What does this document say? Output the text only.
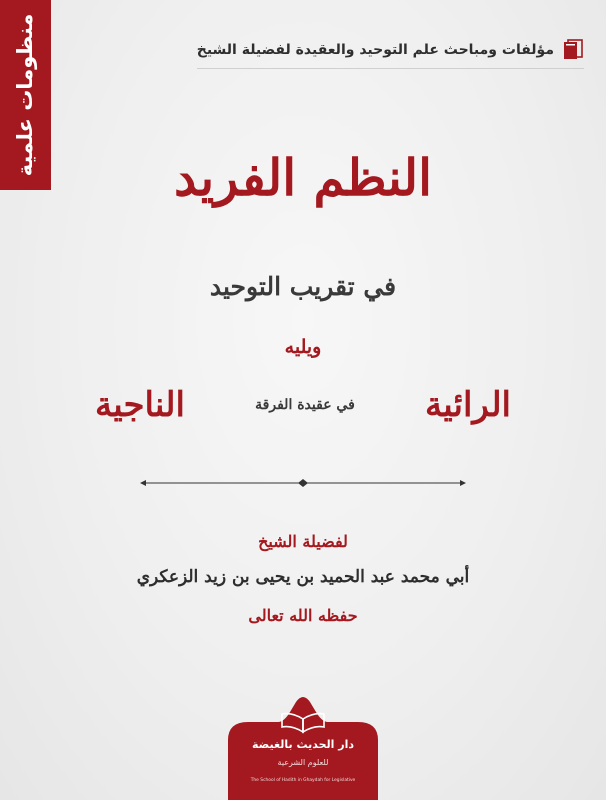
منظومات علمية	مؤلفات ومباحث علم التوحيد والعقيدة لفضيلة الشيخ
النظم الفريد
في تقريب التوحيد
ويليه
الرائية
في عقيدة الفرقة
الناجية
لفضيلة الشيخ
أبي محمد عبد الحميد بن يحيى بن زيد الزعكري
حفظه الله تعالى
دار الحديث بالغيضة
للعلوم الشرعية
The School of Hadith in Ghaydah for Legislative
